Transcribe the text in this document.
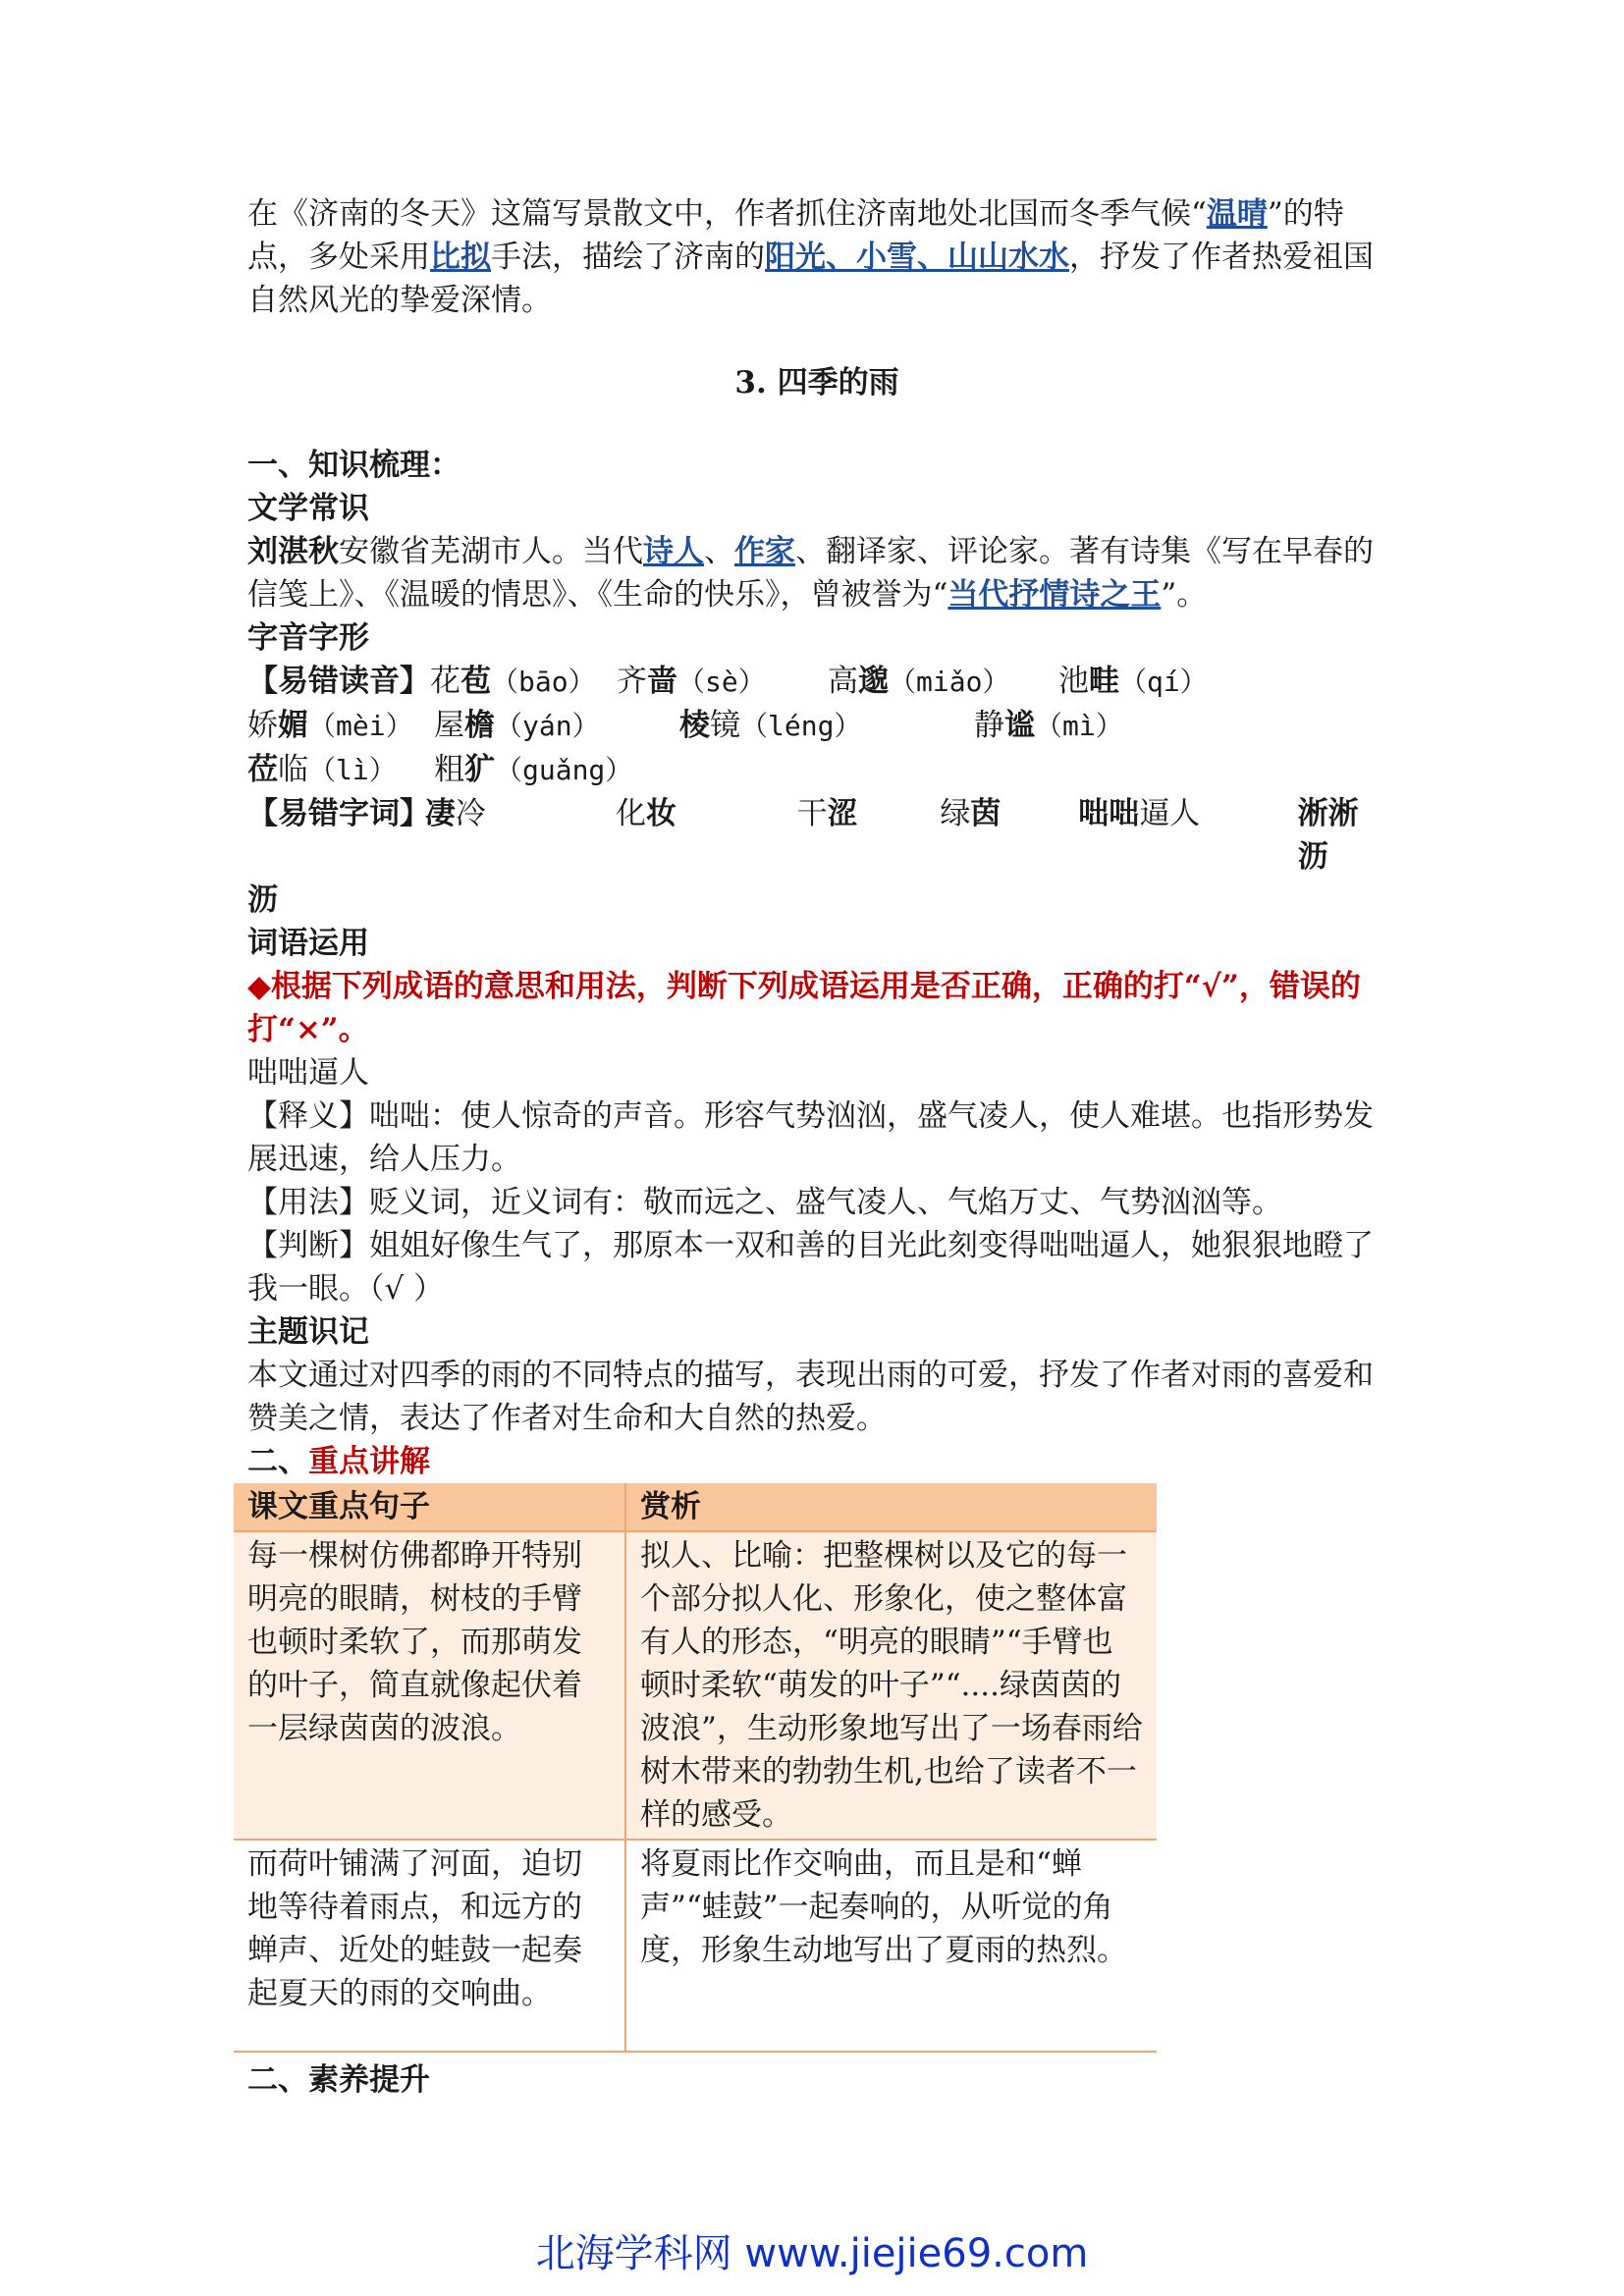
在《济南的冬天》这篇写景散文中，作者抓住济南地处北国而冬季气候“温晴”的特点，多处采用比拟手法，描绘了济南的阳光、小雪、山山水水，抒发了作者热爱祖国自然风光的挚爱深情。

3. 四季的雨

一、知识梳理：

文学常识

刘湛秋安徽省芜湖市人。当代诗人、作家、翻译家、评论家。著有诗集《写在早春的信笺上》、《温暖的情思》、《生命的快乐》，曾被誉为“当代抒情诗之王”。

字音字形

【易错读音】 花苞（bāo） 齐啬（sè）	高邈（miǎo）	池畦（qí）
娇媚（mèi） 屋檐（yán）	棱镜（léng）	静谧（mì）
莅临（lì）	粗犷（guǎng）
【易错字词】
凄冷	化妆	干涩	绿茵	咄咄逼人	淅淅沥

沥

词语运用

◆根据下列成语的意思和用法，判断下列成语运用是否正确，正确的打“√”，错误的打“×”。

咄咄逼人

【释义】咄咄：使人惊奇的声音。形容气势汹汹，盛气凌人，使人难堪。也指形势发展迅速，给人压力。

【用法】贬义词，近义词有：敬而远之、盛气凌人、气焰万丈、气势汹汹等。

【判断】姐姐好像生气了，那原本一双和善的目光此刻变得咄咄逼人，她狠狠地瞪了我一眼。（√ ）

主题识记

本文通过对四季的雨的不同特点的描写，表现出雨的可爱，抒发了作者对雨的喜爱和赞美之情，表达了作者对生命和大自然的热爱。

二、重点讲解

课文重点句子	赏析
每一棵树仿佛都睁开特别明亮的眼睛，树枝的手臂也顿时柔软了，而那萌发的叶子，简直就像起伏着一层绿茵茵的波浪。	拟人、比喻：把整棵树以及它的每一个部分拟人化、形象化，使之整体富有人的形态，“明亮的眼睛”“手臂也顿时柔软“萌发的叶子”“....绿茵茵的波浪”，生动形象地写出了一场春雨给树木带来的勃勃生机,也给了读者不一样的感受。
而荷叶铺满了河面，迫切地等待着雨点，和远方的蝉声、近处的蛙鼓一起奏起夏天的雨的交响曲。	将夏雨比作交响曲，而且是和“蝉声”“蛙鼓”一起奏响的，从听觉的角度，形象生动地写出了夏雨的热烈。

二、素养提升

北海学科网 www.jiejie69.com
